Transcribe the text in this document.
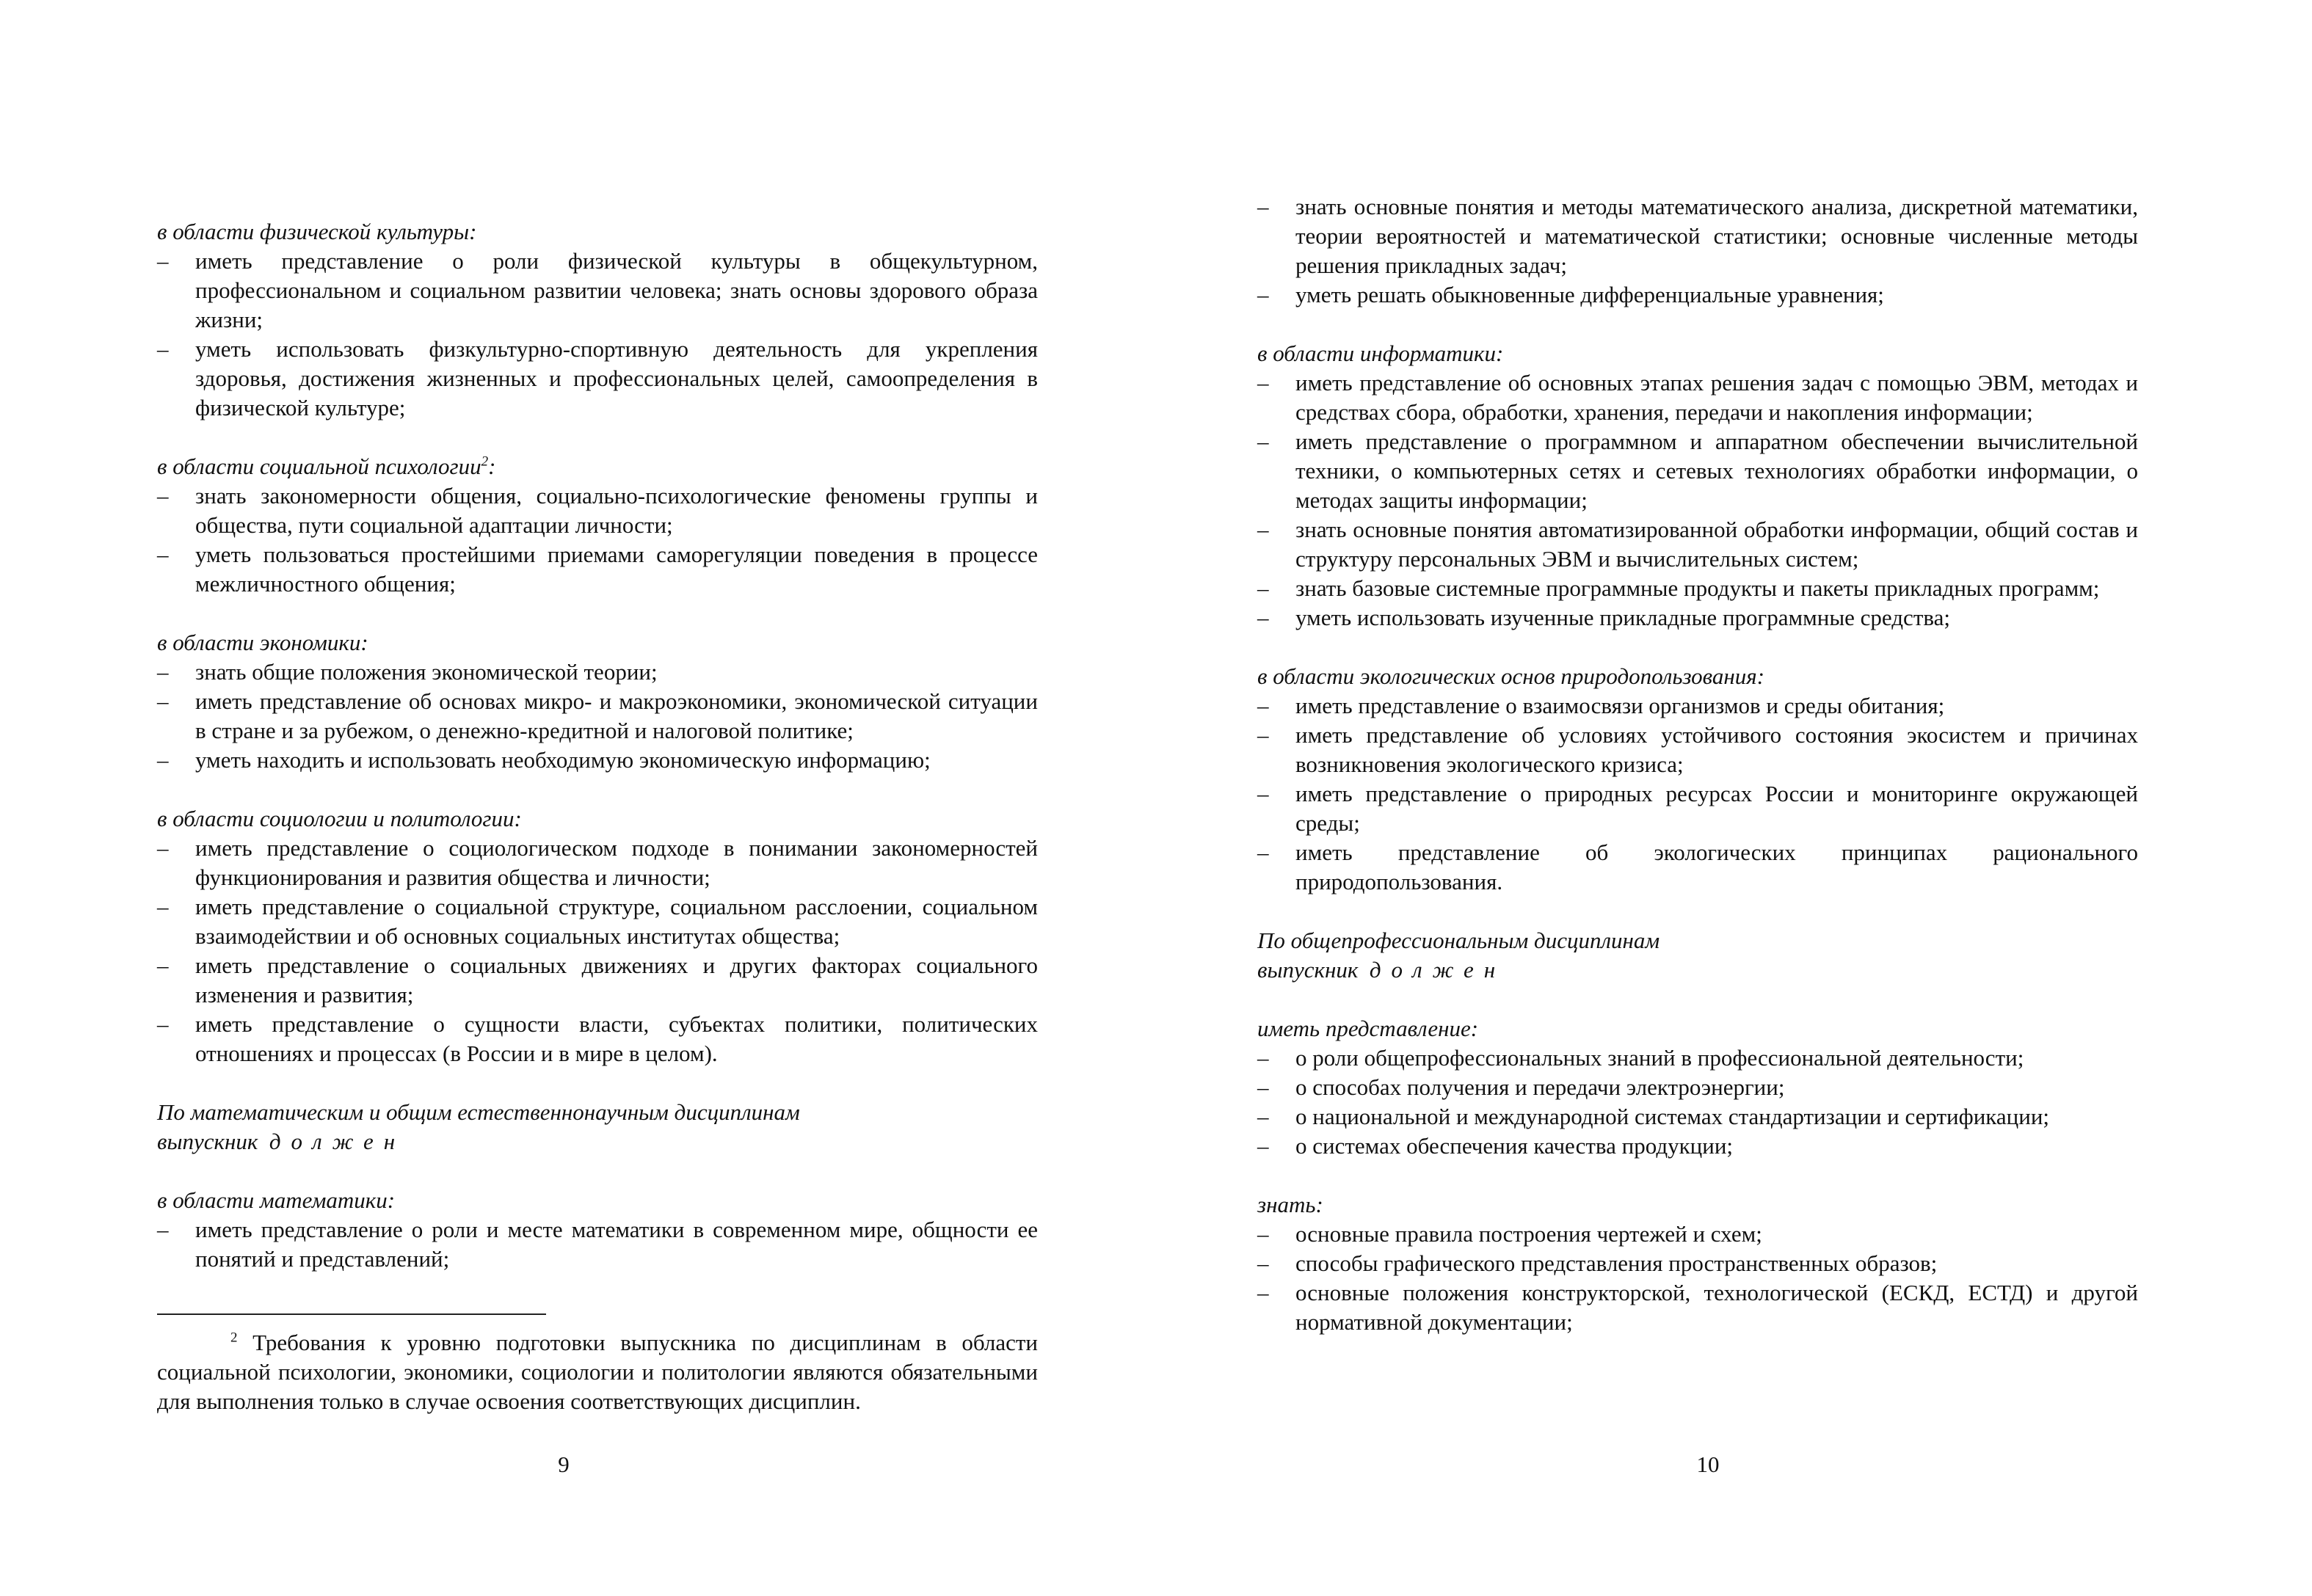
в области физической культуры:
–	иметь представление о роли физической культуры в общекультурном, профессиональном и социальном развитии человека; знать основы здорового образа жизни;
–	уметь использовать физкультурно-спортивную деятельность для укрепления здоровья, достижения жизненных и профессиональных целей, самоопределения в физической культуре;
в области социальной психологии$^2$:
–	знать закономерности общения, социально-психологические феномены группы и общества, пути социальной адаптации личности;
–	уметь пользоваться простейшими приемами саморегуляции поведения в процессе межличностного общения;
в области экономики:
–	знать общие положения экономической теории;
–	иметь представление об основах микро- и макроэкономики, экономической ситуации в стране и за рубежом, о денежно-кредитной и налоговой политике;
–	уметь находить и использовать необходимую экономическую информацию;
в области социологии и политологии:
–	иметь представление о социологическом подходе в понимании закономерностей функционирования и развития общества и личности;
–	иметь представление о социальной структуре, социальном расслоении, социальном взаимодействии и об основных социальных институтах общества;
–	иметь представление о социальных движениях и других факторах социального изменения и развития;
–	иметь представление о сущности власти, субъектах политики, политических отношениях и процессах (в России и в мире в целом).
По математическим и общим естественнонаучным дисциплинам
выпускник должен
в области математики:
–	иметь представление о роли и месте математики в современном мире, общности ее понятий и представлений;
$^2$ Требования к уровню подготовки выпускника по дисциплинам в области социальной психологии, экономики, социологии и политологии являются обязательными для выполнения только в случае освоения соответствующих дисциплин.
9
–	знать основные понятия и методы математического анализа, дискретной математики, теории вероятностей и математической статистики; основные численные методы решения прикладных задач;
–	уметь решать обыкновенные дифференциальные уравнения;
в области информатики:
–	иметь представление об основных этапах решения задач с помощью ЭВМ, методах и средствах сбора, обработки, хранения, передачи и накопления информации;
–	иметь представление о программном и аппаратном обеспечении вычислительной техники, о компьютерных сетях и сетевых технологиях обработки информации, о методах защиты информации;
–	знать основные понятия автоматизированной обработки информации, общий состав и структуру персональных ЭВМ и вычислительных систем;
–	знать базовые системные программные продукты и пакеты прикладных программ;
–	уметь использовать изученные прикладные программные средства;
в области экологических основ природопользования:
–	иметь представление о взаимосвязи организмов и среды обитания;
–	иметь представление об условиях устойчивого состояния экосистем и причинах возникновения экологического кризиса;
–	иметь представление о природных ресурсах России и мониторинге окружающей среды;
–	иметь представление об экологических принципах рационального природопользования.
По общепрофессиональным дисциплинам
выпускник должен
иметь представление:
–	о роли общепрофессиональных знаний в профессиональной деятельности;
–	о способах получения и передачи электроэнергии;
–	о национальной и международной системах стандартизации и сертификации;
–	о системах обеспечения качества продукции;
знать:
–	основные правила построения чертежей и схем;
–	способы графического представления пространственных образов;
–	основные положения конструкторской, технологической (ЕСКД, ЕСТД) и другой нормативной документации;
10
